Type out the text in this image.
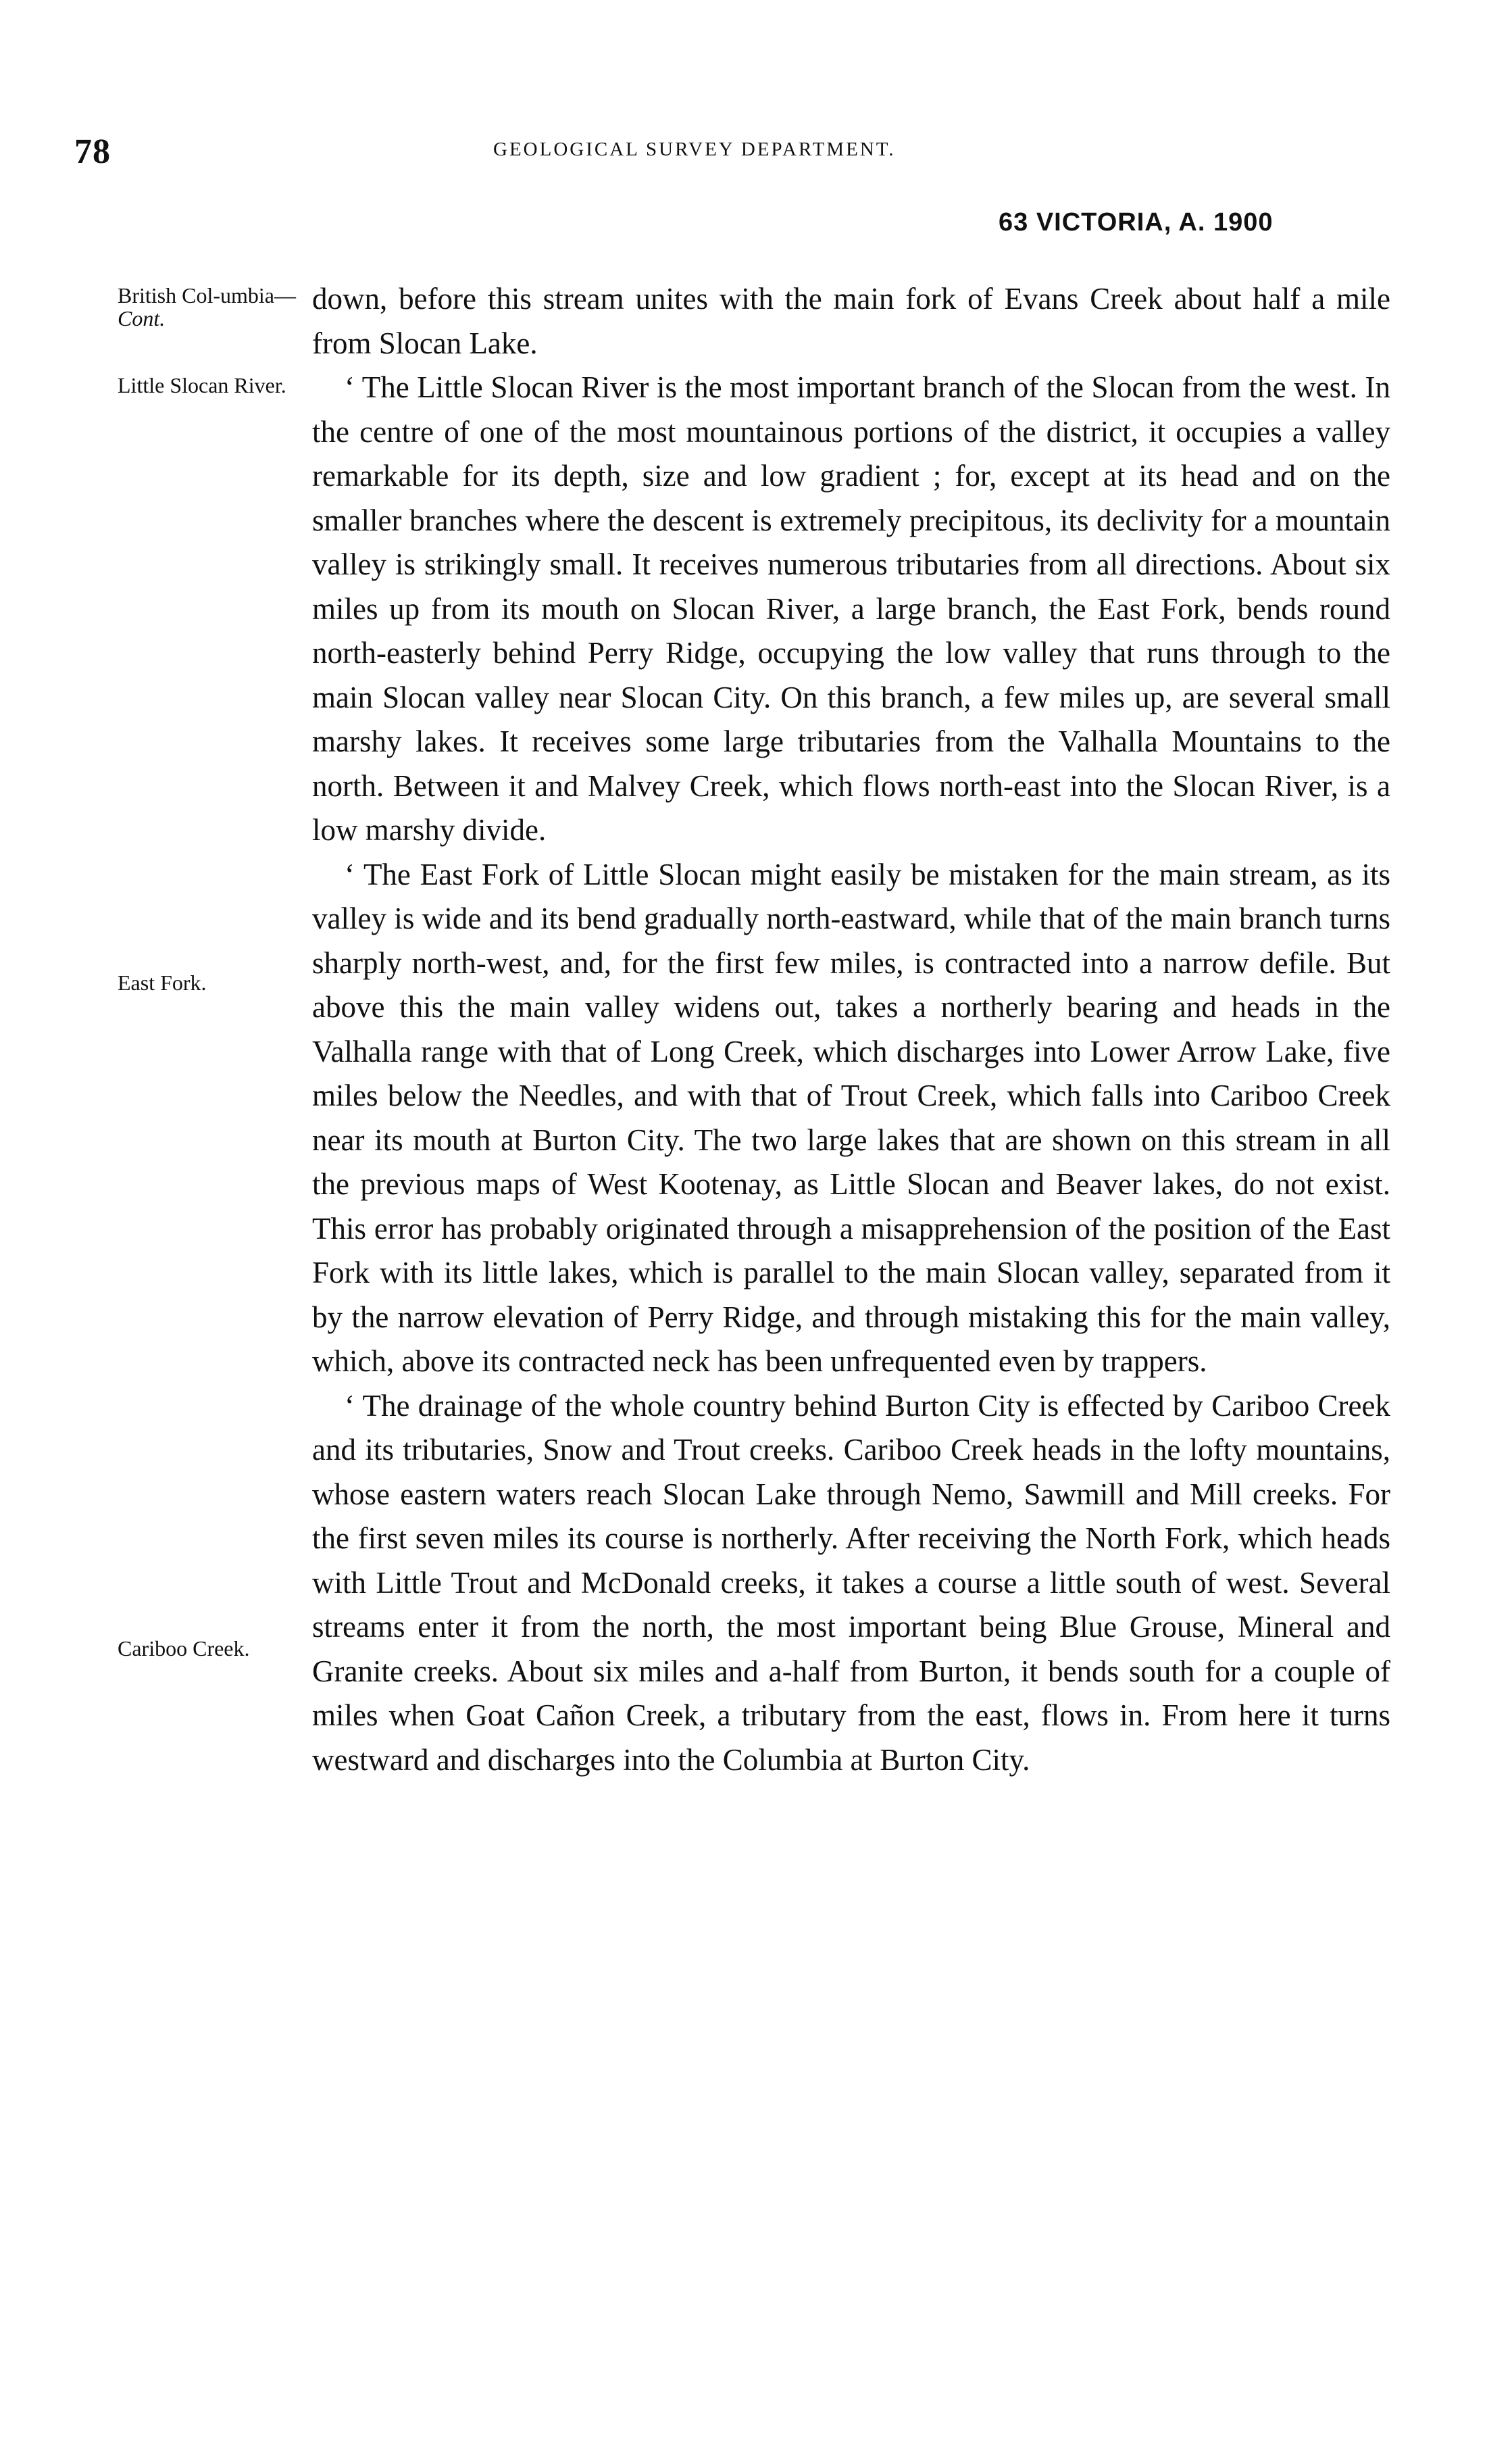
78	GEOLOGICAL SURVEY DEPARTMENT.
63 VICTORIA, A. 1900
British Col-umbia—Cont.
Little Slocan River.
East Fork.
Cariboo Creek.

down, before this stream unites with the main fork of Evans Creek about half a mile from Slocan Lake.

‘ The Little Slocan River is the most important branch of the Slocan from the west. In the centre of one of the most mountainous portions of the district, it occupies a valley remarkable for its depth, size and low gradient ; for, except at its head and on the smaller branches where the descent is extremely precipitous, its declivity for a mountain valley is strikingly small. It receives numerous tributaries from all directions. About six miles up from its mouth on Slocan River, a large branch, the East Fork, bends round north-easterly behind Perry Ridge, occupying the low valley that runs through to the main Slocan valley near Slocan City. On this branch, a few miles up, are several small marshy lakes. It receives some large tributaries from the Valhalla Mountains to the north. Between it and Malvey Creek, which flows north-east into the Slocan River, is a low marshy divide.

‘ The East Fork of Little Slocan might easily be mistaken for the main stream, as its valley is wide and its bend gradually north-eastward, while that of the main branch turns sharply north-west, and, for the first few miles, is contracted into a narrow defile. But above this the main valley widens out, takes a northerly bearing and heads in the Valhalla range with that of Long Creek, which discharges into Lower Arrow Lake, five miles below the Needles, and with that of Trout Creek, which falls into Cariboo Creek near its mouth at Burton City. The two large lakes that are shown on this stream in all the previous maps of West Kootenay, as Little Slocan and Beaver lakes, do not exist. This error has probably originated through a misapprehension of the position of the East Fork with its little lakes, which is parallel to the main Slocan valley, separated from it by the narrow elevation of Perry Ridge, and through mistaking this for the main valley, which, above its contracted neck has been unfrequented even by trappers.

‘ The drainage of the whole country behind Burton City is effected by Cariboo Creek and its tributaries, Snow and Trout creeks. Cariboo Creek heads in the lofty mountains, whose eastern waters reach Slocan Lake through Nemo, Sawmill and Mill creeks. For the first seven miles its course is northerly. After receiving the North Fork, which heads with Little Trout and McDonald creeks, it takes a course a little south of west. Several streams enter it from the north, the most important being Blue Grouse, Mineral and Granite creeks. About six miles and a-half from Burton, it bends south for a couple of miles when Goat Cañon Creek, a tributary from the east, flows in. From here it turns westward and discharges into the Columbia at Burton City.
